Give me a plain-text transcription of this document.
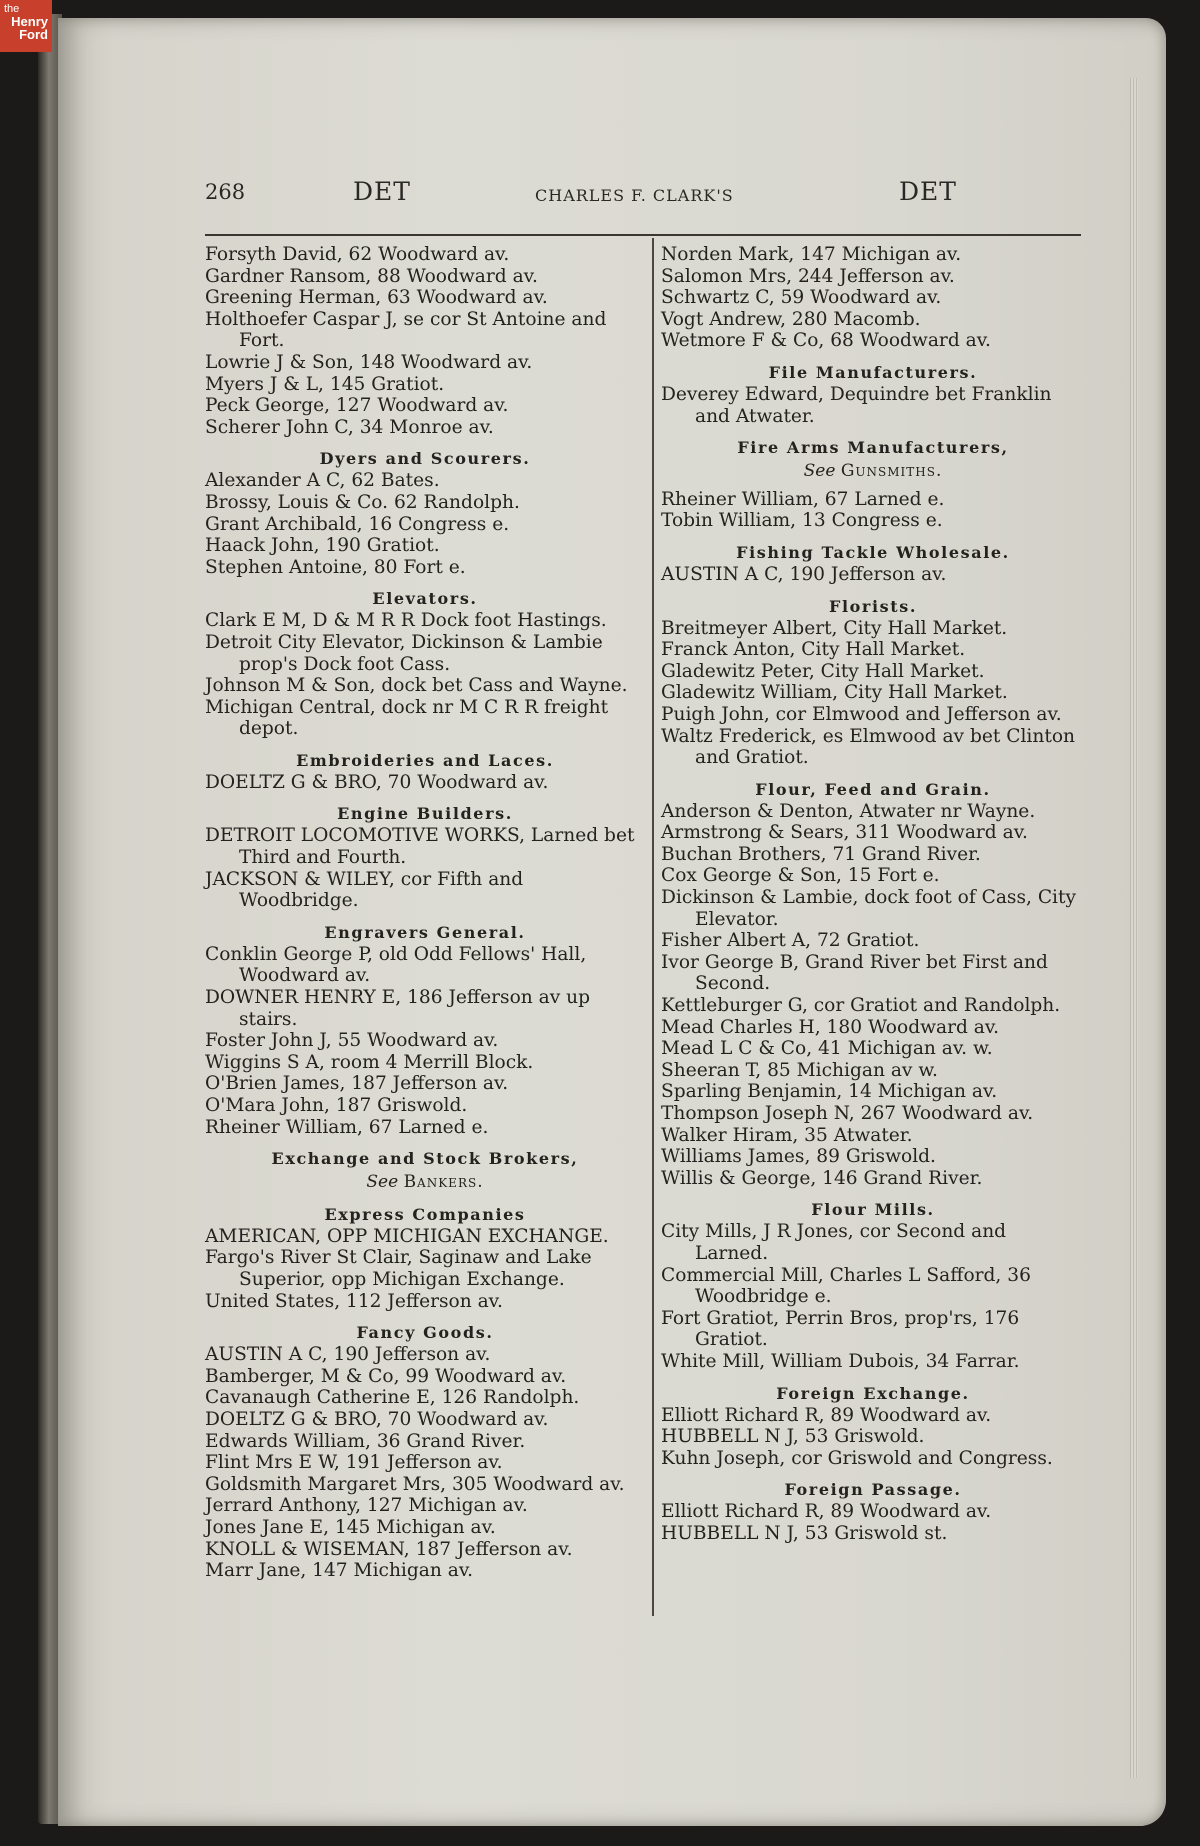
the
Henry
Ford
268	DET	CHARLES F. CLARK'S	DET
Forsyth David, 62 Woodward av.
Gardner Ransom, 88 Woodward av.
Greening Herman, 63 Woodward av.
Holthoefer Caspar J, se cor St Antoine and Fort.
Lowrie J & Son, 148 Woodward av.
Myers J & L, 145 Gratiot.
Peck George, 127 Woodward av.
Scherer John C, 34 Monroe av.
Dyers and Scourers.
Alexander A C, 62 Bates.
Brossy, Louis & Co. 62 Randolph.
Grant Archibald, 16 Congress e.
Haack John, 190 Gratiot.
Stephen Antoine, 80 Fort e.
Elevators.
Clark E M, D & M R R Dock foot Hastings.
Detroit City Elevator, Dickinson & Lambie prop's Dock foot Cass.
Johnson M & Son, dock bet Cass and Wayne.
Michigan Central, dock nr M C R R freight depot.
Embroideries and Laces.
DOELTZ G & BRO, 70 Woodward av.
Engine Builders.
DETROIT LOCOMOTIVE WORKS, Larned bet Third and Fourth.
JACKSON & WILEY, cor Fifth and Woodbridge.
Engravers General.
Conklin George P, old Odd Fellows' Hall, Woodward av.
DOWNER HENRY E, 186 Jefferson av up stairs.
Foster John J, 55 Woodward av.
Wiggins S A, room 4 Merrill Block.
O'Brien James, 187 Jefferson av.
O'Mara John, 187 Griswold.
Rheiner William, 67 Larned e.
Exchange and Stock Brokers,
See Bankers.
Express Companies
AMERICAN, OPP MICHIGAN EXCHANGE.
Fargo's River St Clair, Saginaw and Lake Superior, opp Michigan Exchange.
United States, 112 Jefferson av.
Fancy Goods.
AUSTIN A C, 190 Jefferson av.
Bamberger, M & Co, 99 Woodward av.
Cavanaugh Catherine E, 126 Randolph.
DOELTZ G & BRO, 70 Woodward av.
Edwards William, 36 Grand River.
Flint Mrs E W, 191 Jefferson av.
Goldsmith Margaret Mrs, 305 Woodward av.
Jerrard Anthony, 127 Michigan av.
Jones Jane E, 145 Michigan av.
KNOLL & WISEMAN, 187 Jefferson av.
Marr Jane, 147 Michigan av.
Norden Mark, 147 Michigan av.
Salomon Mrs, 244 Jefferson av.
Schwartz C, 59 Woodward av.
Vogt Andrew, 280 Macomb.
Wetmore F & Co, 68 Woodward av.
File Manufacturers.
Deverey Edward, Dequindre bet Franklin and Atwater.
Fire Arms Manufacturers,
See Gunsmiths.
Rheiner William, 67 Larned e.
Tobin William, 13 Congress e.
Fishing Tackle Wholesale.
AUSTIN A C, 190 Jefferson av.
Florists.
Breitmeyer Albert, City Hall Market.
Franck Anton, City Hall Market.
Gladewitz Peter, City Hall Market.
Gladewitz William, City Hall Market.
Puigh John, cor Elmwood and Jefferson av.
Waltz Frederick, es Elmwood av bet Clinton and Gratiot.
Flour, Feed and Grain.
Anderson & Denton, Atwater nr Wayne.
Armstrong & Sears, 311 Woodward av.
Buchan Brothers, 71 Grand River.
Cox George & Son, 15 Fort e.
Dickinson & Lambie, dock foot of Cass, City Elevator.
Fisher Albert A, 72 Gratiot.
Ivor George B, Grand River bet First and Second.
Kettleburger G, cor Gratiot and Randolph.
Mead Charles H, 180 Woodward av.
Mead L C & Co, 41 Michigan av. w.
Sheeran T, 85 Michigan av w.
Sparling Benjamin, 14 Michigan av.
Thompson Joseph N, 267 Woodward av.
Walker Hiram, 35 Atwater.
Williams James, 89 Griswold.
Willis & George, 146 Grand River.
Flour Mills.
City Mills, J R Jones, cor Second and Larned.
Commercial Mill, Charles L Safford, 36 Woodbridge e.
Fort Gratiot, Perrin Bros, prop'rs, 176 Gratiot.
White Mill, William Dubois, 34 Farrar.
Foreign Exchange.
Elliott Richard R, 89 Woodward av.
HUBBELL N J, 53 Griswold.
Kuhn Joseph, cor Griswold and Congress.
Foreign Passage.
Elliott Richard R, 89 Woodward av.
HUBBELL N J, 53 Griswold st.
